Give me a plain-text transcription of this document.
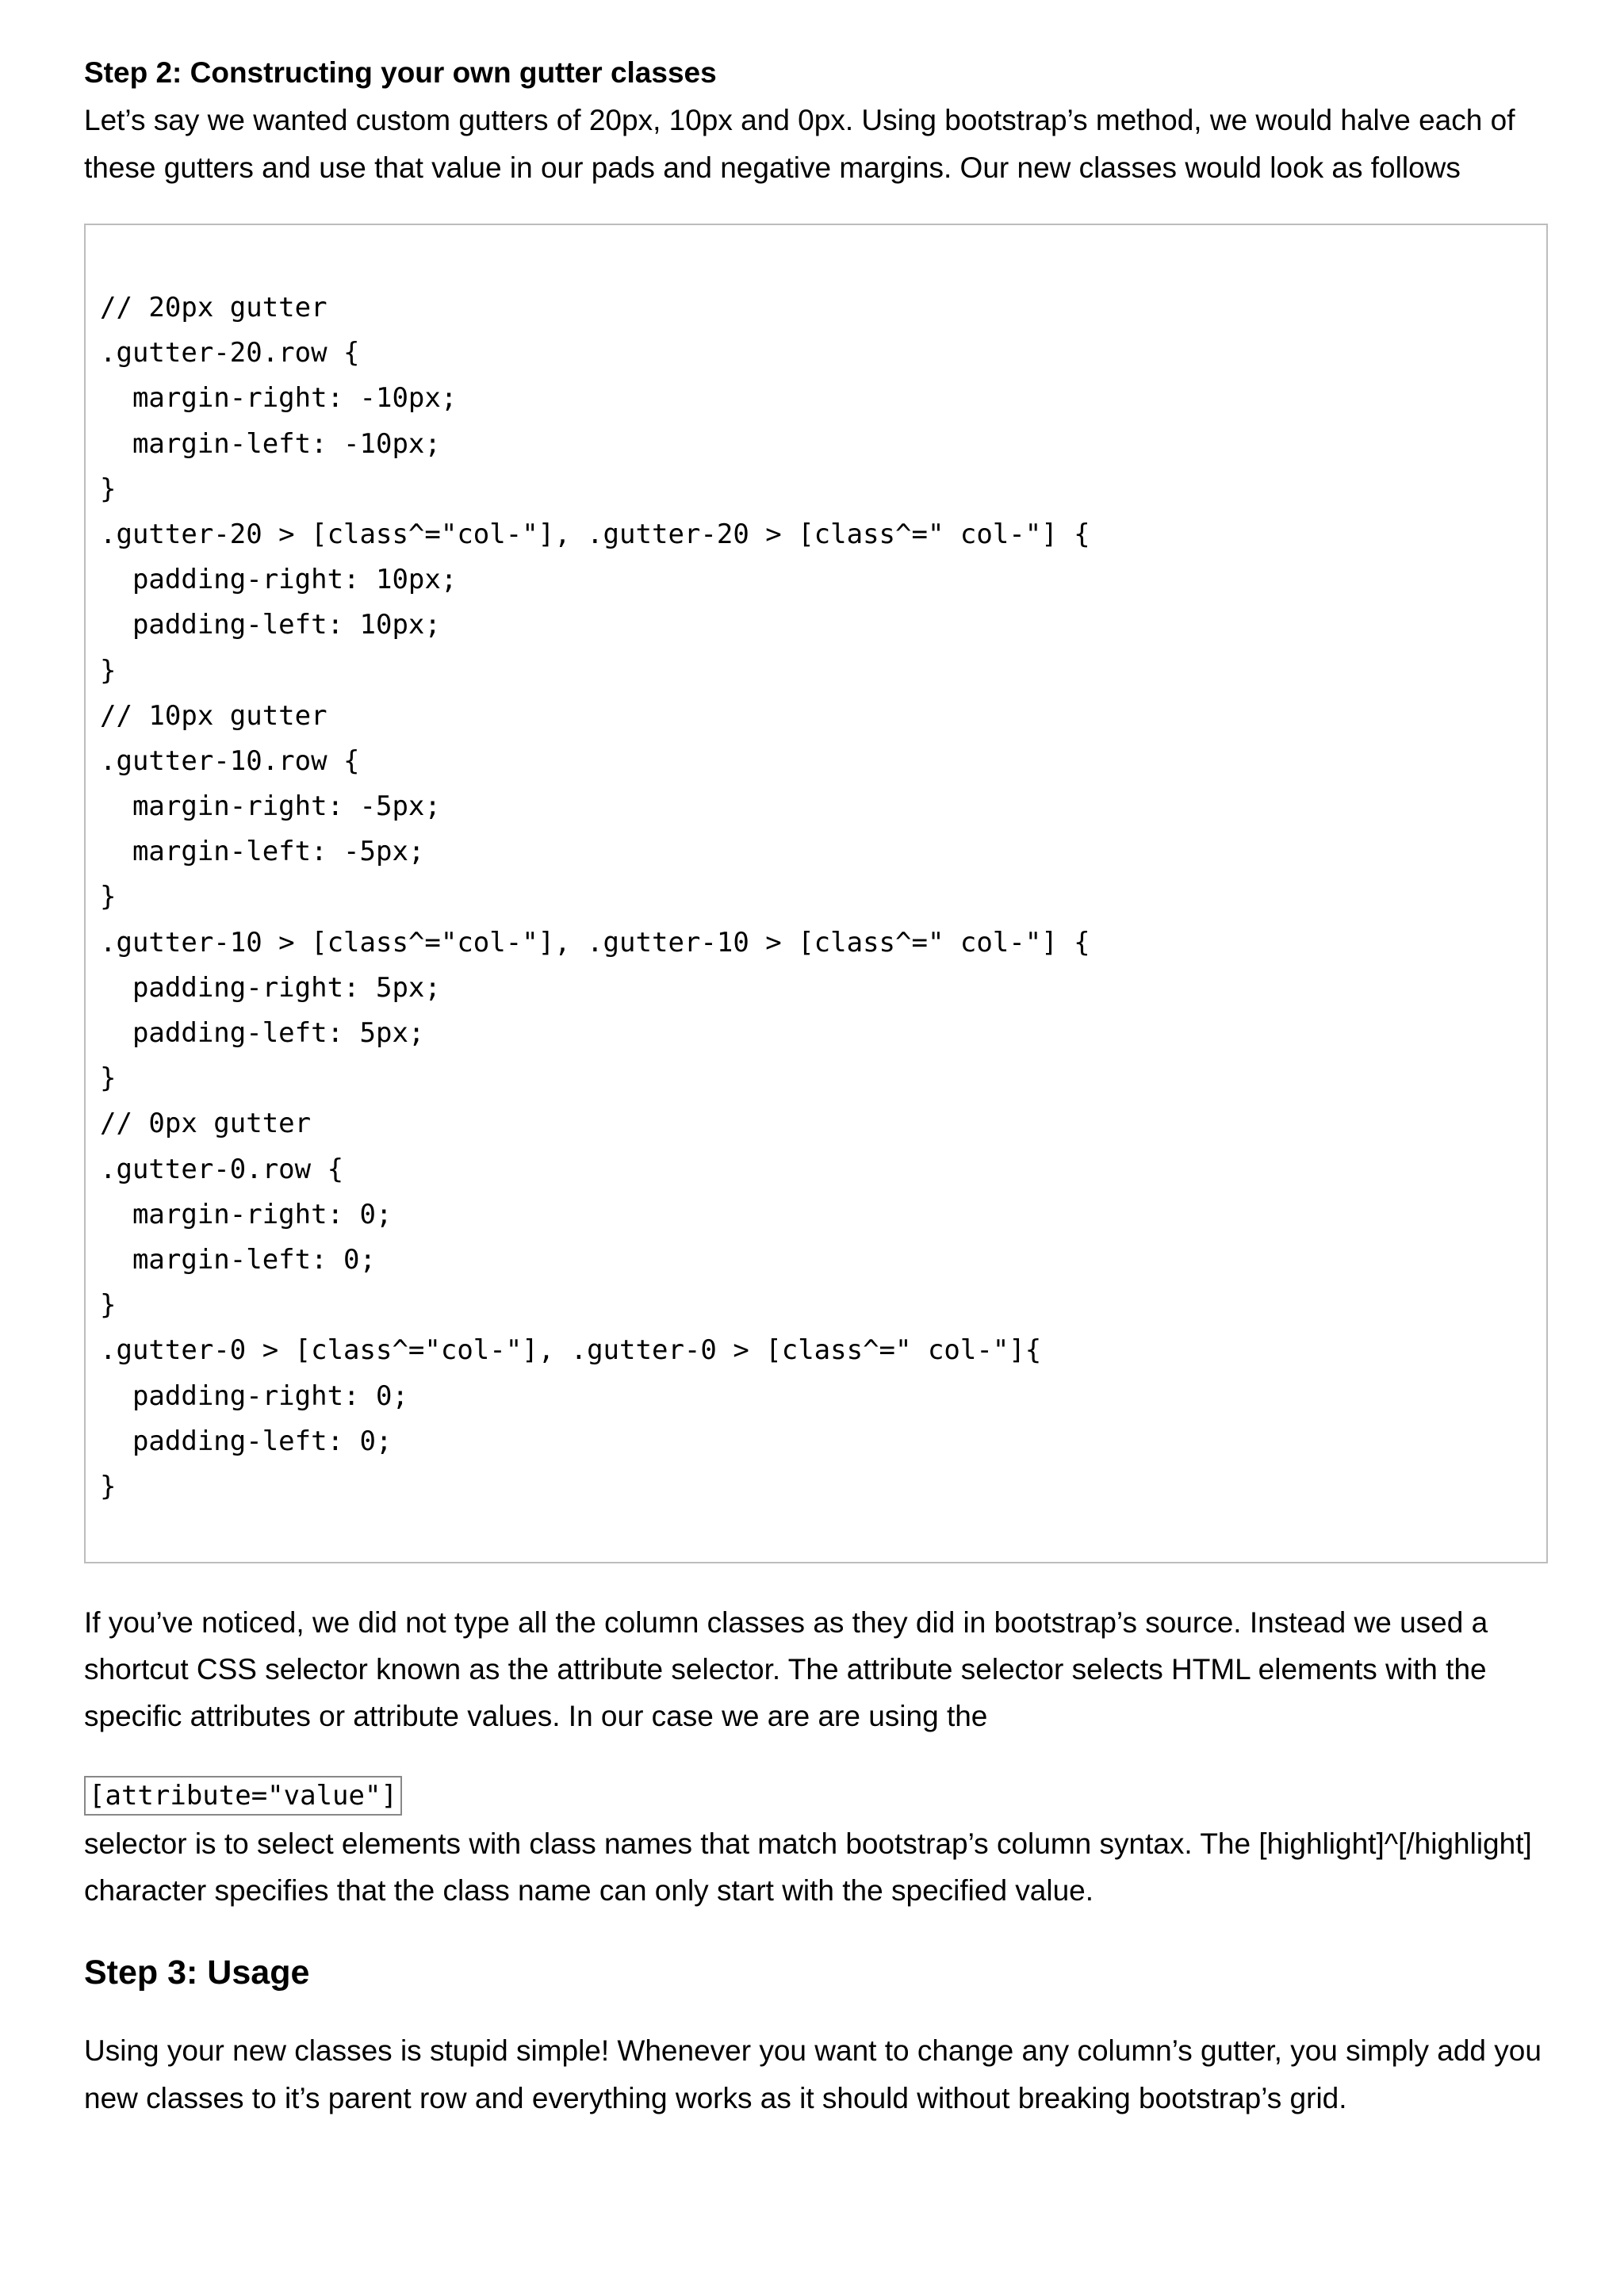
Step 2: Constructing your own gutter classes

Let’s say we wanted custom gutters of 20px, 10px and 0px. Using bootstrap’s method, we would halve each of these gutters and use that value in our pads and negative margins. Our new classes would look as follows

// 20px gutter
.gutter-20.row {
margin-right: -10px;
margin-left: -10px;
}
.gutter-20 > [class^="col-"], .gutter-20 > [class^=" col-"] {
padding-right: 10px;
padding-left: 10px;
}
// 10px gutter
.gutter-10.row {
margin-right: -5px;
margin-left: -5px;
}
.gutter-10 > [class^="col-"], .gutter-10 > [class^=" col-"] {
padding-right: 5px;
padding-left: 5px;
}
// 0px gutter
.gutter-0.row {
margin-right: 0;
margin-left: 0;
}
.gutter-0 > [class^="col-"], .gutter-0 > [class^=" col-"]{
padding-right: 0;
padding-left: 0;
}

If you’ve noticed, we did not type all the column classes as they did in bootstrap’s source. Instead we used a shortcut CSS selector known as the attribute selector. The attribute selector selects HTML elements with the specific attributes or attribute values. In our case we are are using the

[attribute="value"]

selector is to select elements with class names that match bootstrap’s column syntax. The [highlight]^[/highlight] character specifies that the class name can only start with the specified value.

Step 3: Usage

Using your new classes is stupid simple! Whenever you want to change any column’s gutter, you simply add you new classes to it’s parent row and everything works as it should without breaking bootstrap’s grid.
